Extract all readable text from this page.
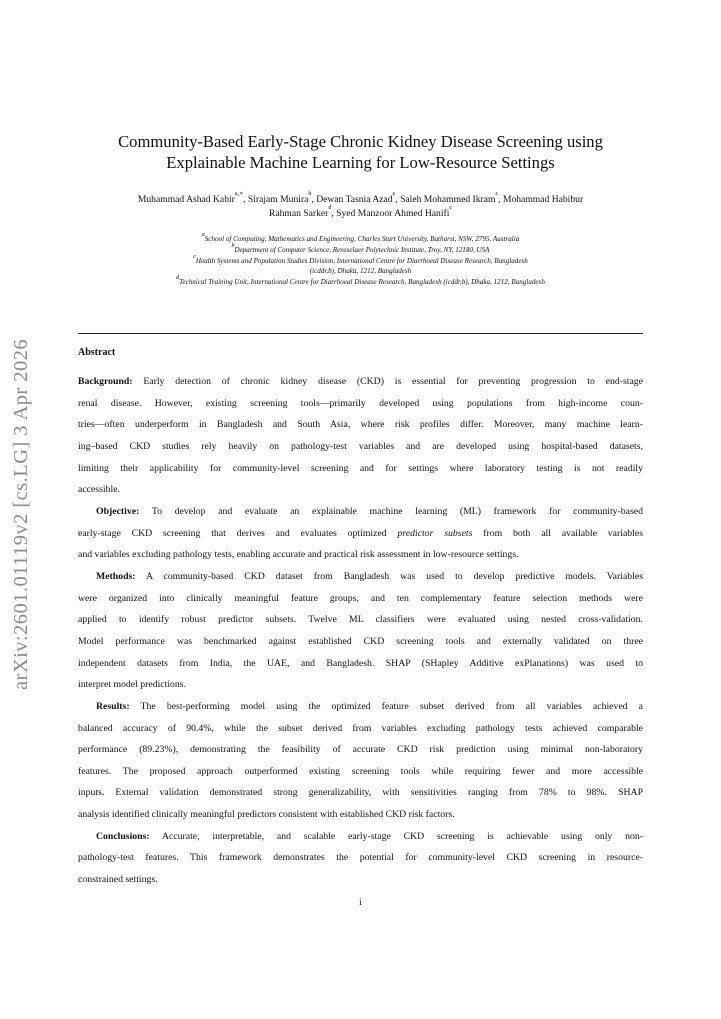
arXiv:2601.01119v2 [cs.LG] 3 Apr 2026
Community-Based Early-Stage Chronic Kidney Disease Screening using
Explainable Machine Learning for Low-Resource Settings
Muhammad Ashad Kabir$^{a,∗}$, Sirajam Munira$^b$, Dewan Tasnia Azad$^c$, Saleh Mohammed Ikram$^c$, Mohammad Habibur
Rahman Sarker$^d$, Syed Manzoor Ahmed Hanifi$^c$
$^a$School of Computing, Mathematics and Engineering, Charles Sturt University, Bathurst, NSW, 2795, Australia
$^b$Department of Computer Science, Rensselaer Polytechnic Institute, Troy, NY, 12180, USA
$^c$Health Systems and Population Studies Division, International Centre for Diarrhoeal Disease Research, Bangladesh
(icddr,b), Dhaka, 1212, Bangladesh
$^d$Technical Training Unit, International Centre for Diarrhoeal Disease Research, Bangladesh (icddr,b), Dhaka, 1212, Bangladesh
Abstract

Background: Early detection of chronic kidney disease (CKD) is essential for preventing progression to end-stage
renal disease. However, existing screening tools—primarily developed using populations from high-income coun-
tries—often underperform in Bangladesh and South Asia, where risk profiles differ. Moreover, many machine learn-
ing–based CKD studies rely heavily on pathology-test variables and are developed using hospital-based datasets,
limiting their applicability for community-level screening and for settings where laboratory testing is not readily
accessible.

Objective: To develop and evaluate an explainable machine learning (ML) framework for community-based
early-stage CKD screening that derives and evaluates optimized predictor subsets from both all available variables
and variables excluding pathology tests, enabling accurate and practical risk assessment in low-resource settings.

Methods: A community-based CKD dataset from Bangladesh was used to develop predictive models. Variables
were organized into clinically meaningful feature groups, and ten complementary feature selection methods were
applied to identify robust predictor subsets. Twelve ML classifiers were evaluated using nested cross-validation.
Model performance was benchmarked against established CKD screening tools and externally validated on three
independent datasets from India, the UAE, and Bangladesh. SHAP (SHapley Additive exPlanations) was used to
interpret model predictions.

Results: The best-performing model using the optimized feature subset derived from all variables achieved a
balanced accuracy of 90.4%, while the subset derived from variables excluding pathology tests achieved comparable
performance (89.23%), demonstrating the feasibility of accurate CKD risk prediction using minimal non-laboratory
features. The proposed approach outperformed existing screening tools while requiring fewer and more accessible
inputs. External validation demonstrated strong generalizability, with sensitivities ranging from 78% to 98%. SHAP
analysis identified clinically meaningful predictors consistent with established CKD risk factors.

Conclusions: Accurate, interpretable, and scalable early-stage CKD screening is achievable using only non-
pathology-test features. This framework demonstrates the potential for community-level CKD screening in resource-
constrained settings.

i
